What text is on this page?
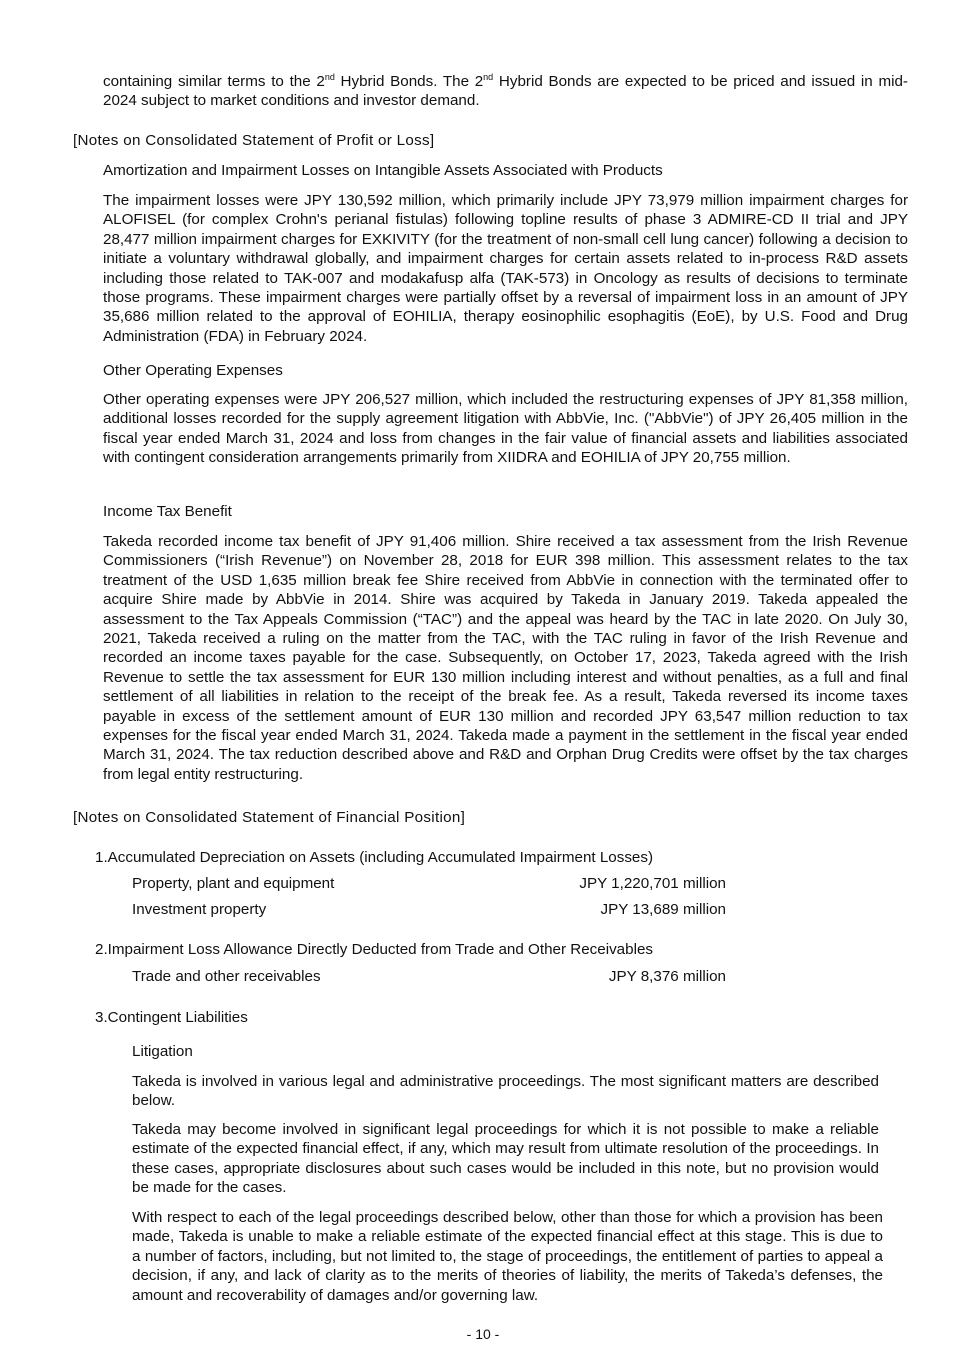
containing similar terms to the 2nd Hybrid Bonds. The 2nd Hybrid Bonds are expected to be priced and issued in mid-2024 subject to market conditions and investor demand.

[Notes on Consolidated Statement of Profit or Loss]
Amortization and Impairment Losses on Intangible Assets Associated with Products

The impairment losses were JPY 130,592 million, which primarily include JPY 73,979 million impairment charges for ALOFISEL (for complex Crohn's perianal fistulas) following topline results of phase 3 ADMIRE-CD II trial and JPY 28,477 million impairment charges for EXKIVITY (for the treatment of non-small cell lung cancer) following a decision to initiate a voluntary withdrawal globally, and impairment charges for certain assets related to in-process R&D assets including those related to TAK-007 and modakafusp alfa (TAK-573) in Oncology as results of decisions to terminate those programs. These impairment charges were partially offset by a reversal of impairment loss in an amount of JPY 35,686 million related to the approval of EOHILIA, therapy eosinophilic esophagitis (EoE), by U.S. Food and Drug Administration (FDA) in February 2024.

Other Operating Expenses

Other operating expenses were JPY 206,527 million, which included the restructuring expenses of JPY 81,358 million, additional losses recorded for the supply agreement litigation with AbbVie, Inc. ("AbbVie") of JPY 26,405 million in the fiscal year ended March 31, 2024 and loss from changes in the fair value of financial assets and liabilities associated with contingent consideration arrangements primarily from XIIDRA and EOHILIA of JPY 20,755 million.

Income Tax Benefit

Takeda recorded income tax benefit of JPY 91,406 million. Shire received a tax assessment from the Irish Revenue Commissioners (“Irish Revenue”) on November 28, 2018 for EUR 398 million. This assessment relates to the tax treatment of the USD 1,635 million break fee Shire received from AbbVie in connection with the terminated offer to acquire Shire made by AbbVie in 2014. Shire was acquired by Takeda in January 2019. Takeda appealed the assessment to the Tax Appeals Commission (“TAC”) and the appeal was heard by the TAC in late 2020. On July 30, 2021, Takeda received a ruling on the matter from the TAC, with the TAC ruling in favor of the Irish Revenue and recorded an income taxes payable for the case. Subsequently, on October 17, 2023, Takeda agreed with the Irish Revenue to settle the tax assessment for EUR 130 million including interest and without penalties, as a full and final settlement of all liabilities in relation to the receipt of the break fee. As a result, Takeda reversed its income taxes payable in excess of the settlement amount of EUR 130 million and recorded JPY 63,547 million reduction to tax expenses for the fiscal year ended March 31, 2024. Takeda made a payment in the settlement in the fiscal year ended March 31, 2024. The tax reduction described above and R&D and Orphan Drug Credits were offset by the tax charges from legal entity restructuring.

[Notes on Consolidated Statement of Financial Position]
1.Accumulated Depreciation on Assets (including Accumulated Impairment Losses)
Property, plant and equipment	JPY 1,220,701 million
Investment property	JPY 13,689 million
2.Impairment Loss Allowance Directly Deducted from Trade and Other Receivables
Trade and other receivables	JPY 8,376 million
3.Contingent Liabilities
Litigation

Takeda is involved in various legal and administrative proceedings. The most significant matters are described below.

Takeda may become involved in significant legal proceedings for which it is not possible to make a reliable estimate of the expected financial effect, if any, which may result from ultimate resolution of the proceedings. In these cases, appropriate disclosures about such cases would be included in this note, but no provision would be made for the cases.

With respect to each of the legal proceedings described below, other than those for which a provision has been made, Takeda is unable to make a reliable estimate of the expected financial effect at this stage. This is due to a number of factors, including, but not limited to, the stage of proceedings, the entitlement of parties to appeal a decision, if any, and lack of clarity as to the merits of theories of liability, the merits of Takeda’s defenses, the amount and recoverability of damages and/or governing law.

- 10 -
